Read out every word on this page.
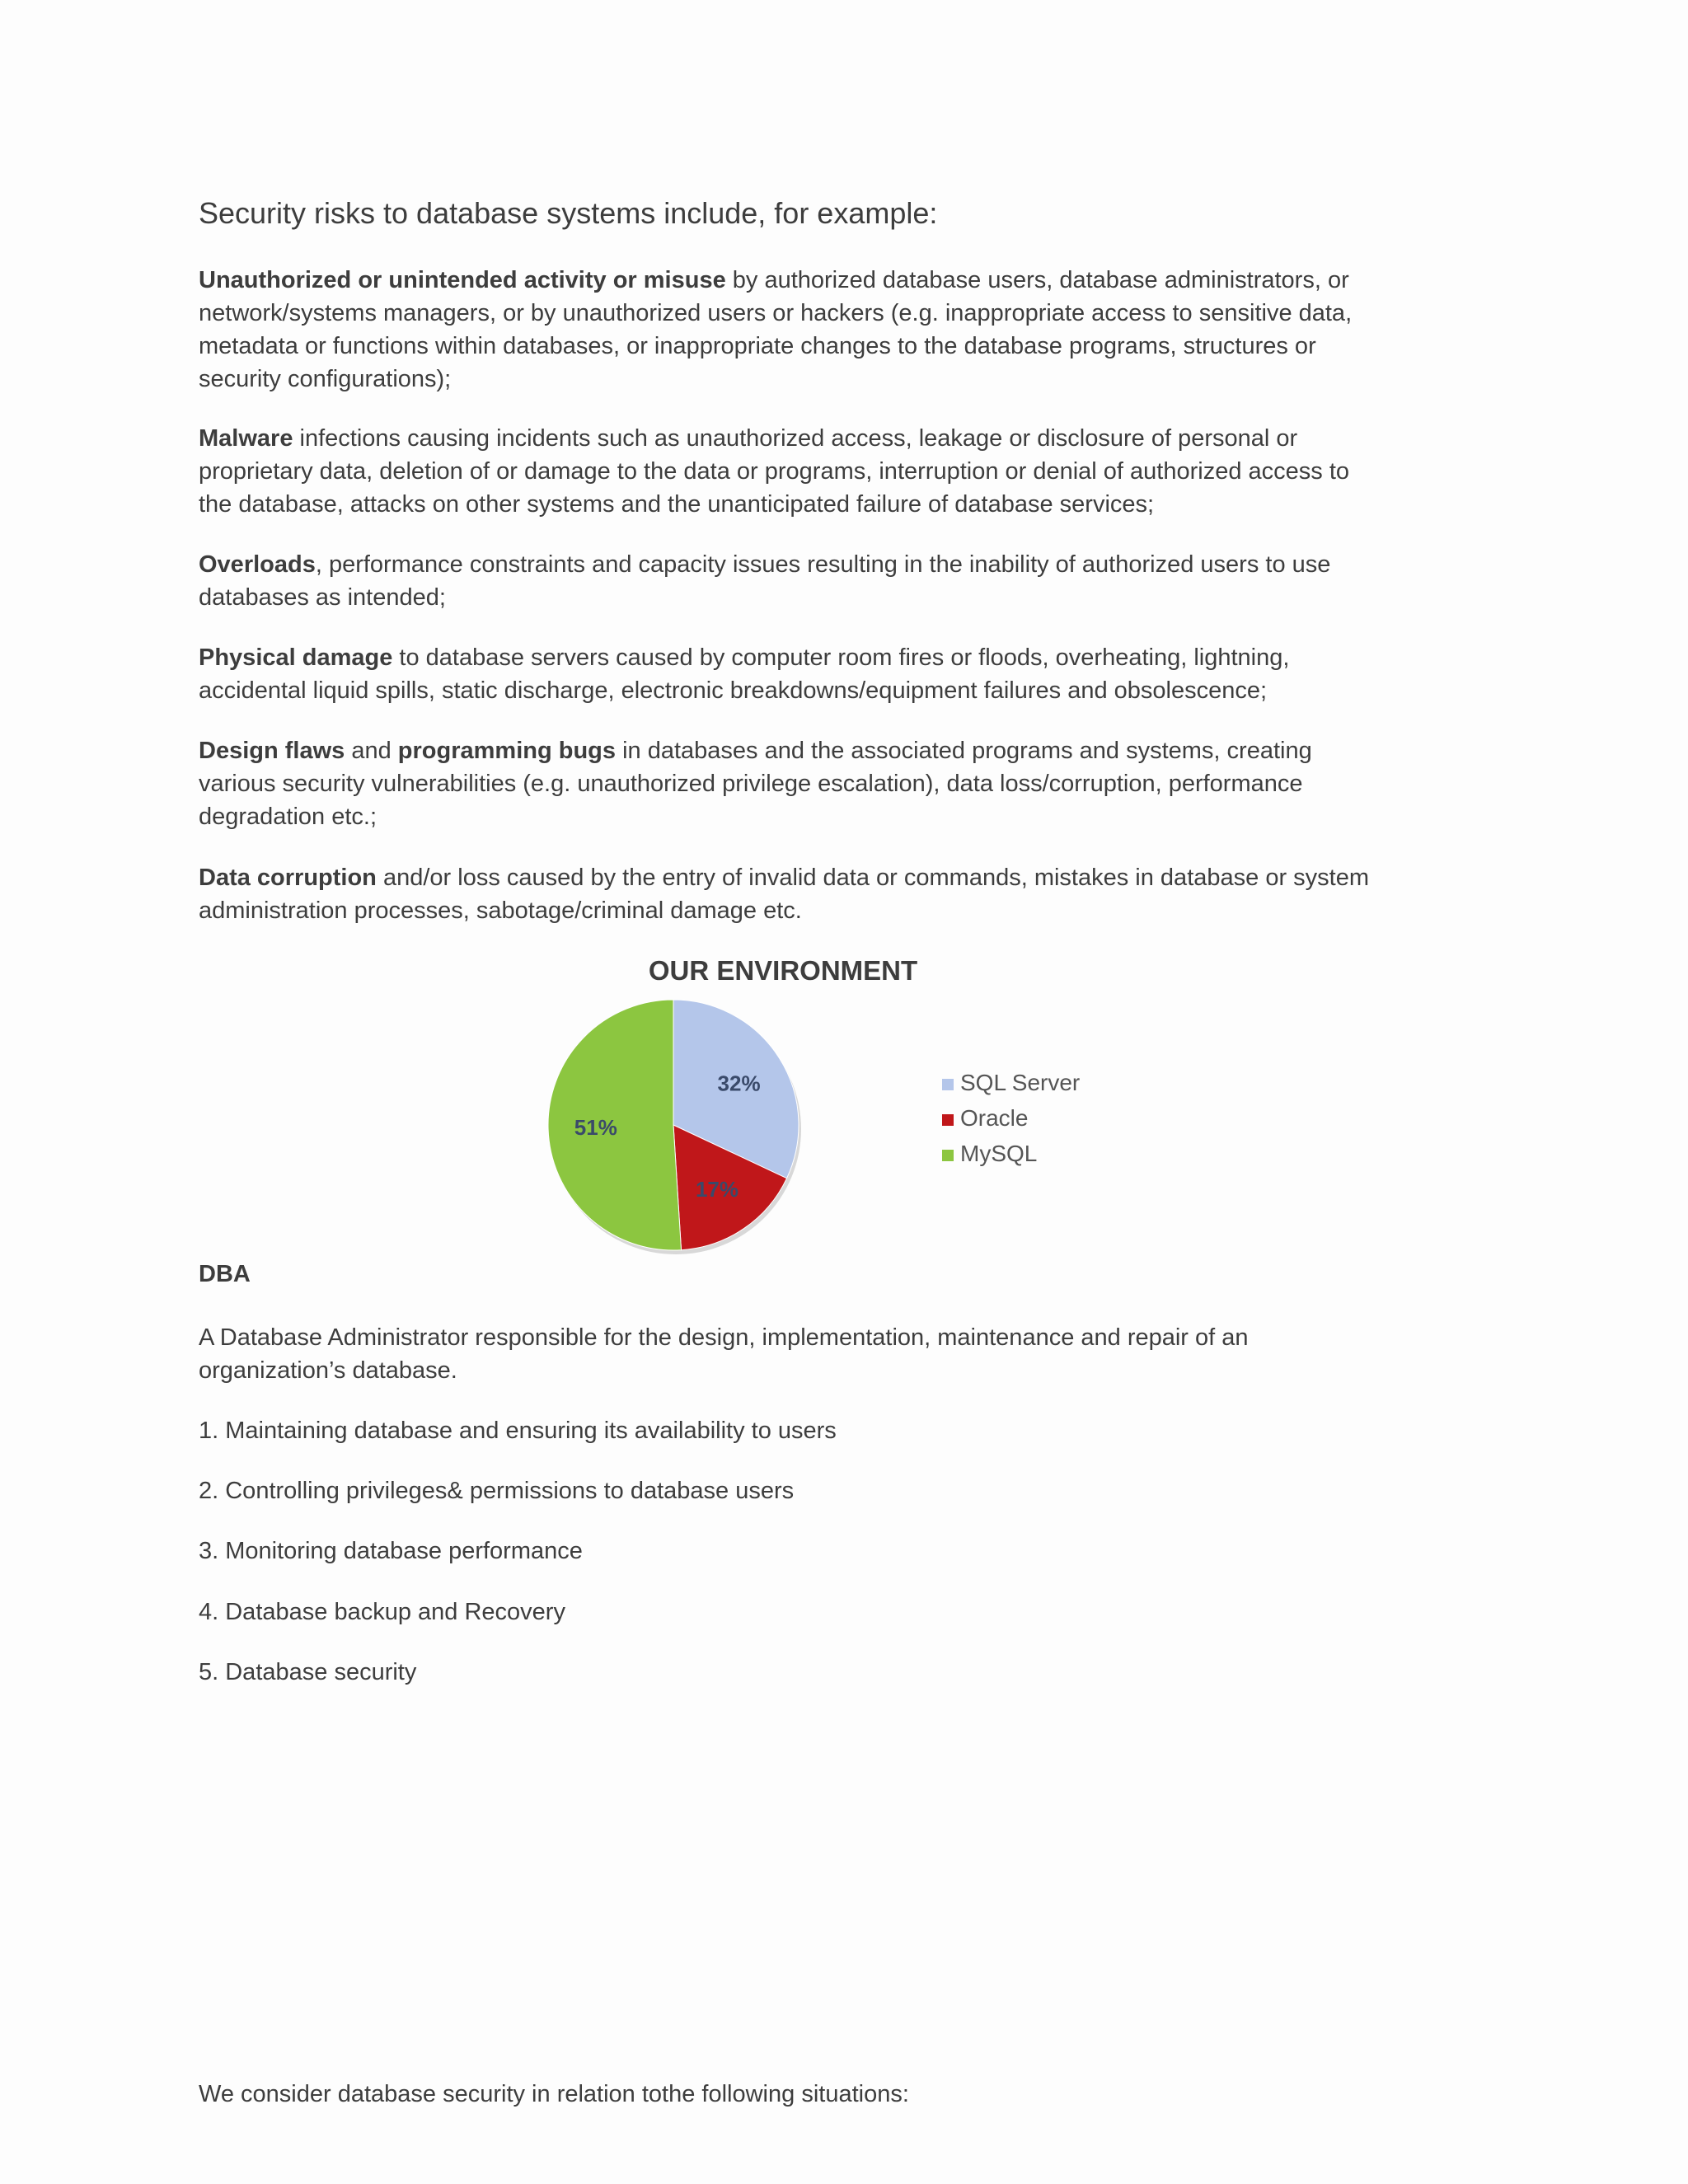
Security risks to database systems include, for example:

Unauthorized or unintended activity or misuse by authorized database users, database administrators, or network/systems managers, or by unauthorized users or hackers (e.g. inappropriate access to sensitive data, metadata or functions within databases, or inappropriate changes to the database programs, structures or security configurations);

Malware infections causing incidents such as unauthorized access, leakage or disclosure of personal or proprietary data, deletion of or damage to the data or programs, interruption or denial of authorized access to the database, attacks on other systems and the unanticipated failure of database services;

Overloads, performance constraints and capacity issues resulting in the inability of authorized users to use databases as intended;

Physical damage to database servers caused by computer room fires or floods, overheating, lightning, accidental liquid spills, static discharge, electronic breakdowns/equipment failures and obsolescence;

Design flaws and programming bugs in databases and the associated programs and systems, creating various security vulnerabilities (e.g. unauthorized privilege escalation), data loss/corruption, performance degradation etc.;

Data corruption and/or loss caused by the entry of invalid data or commands, mistakes in database or system administration processes, sabotage/criminal damage etc.

OUR ENVIRONMENT

32%
17%
51%
SQL Server
Oracle
MySQL

DBA

A Database Administrator responsible for the design, implementation, maintenance and repair of an organization’s database.

1. Maintaining database and ensuring its availability to users

2. Controlling privileges& permissions to database users

3. Monitoring database performance

4. Database backup and Recovery

5. Database security

We consider database security in relation tothe following situations:
